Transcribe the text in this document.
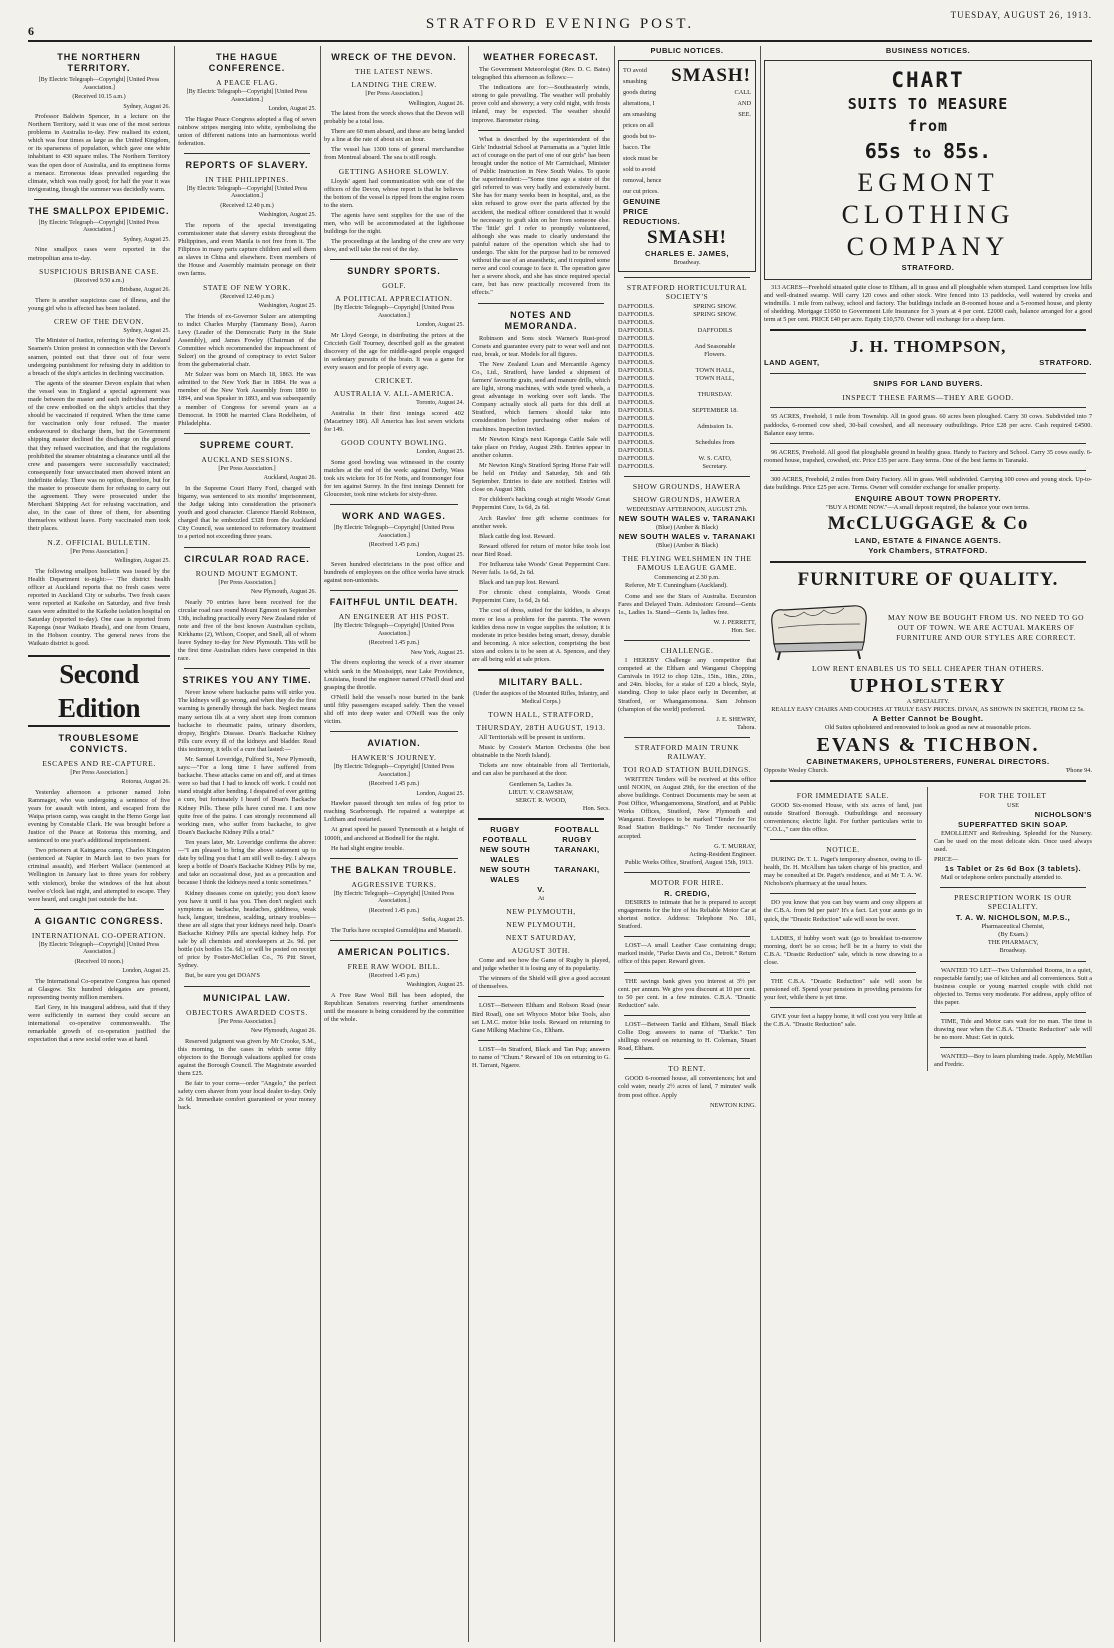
6	STRATFORD EVENING POST.
TUESDAY, AUGUST 26, 1913.
THE NORTHERN TERRITORY.
[By Electric Telegraph—Copyright] [United Press Association.]
(Received 10.15 a.m.)
Sydney, August 26.

Professor Baldwin Spencer, in a lecture on the Northern Territory, said it was one of the most serious problems in Australia to-day. Few realised its extent, which was four times as large as the United Kingdom, or its sparseness of population, which gave one white inhabitant to 430 square miles. The Northern Territory was the open door of Australia, and its emptiness forms a menace. Erroneous ideas prevailed regarding the climate, which was really good; for half the year it was invigorating, though the summer was decidedly warm.

THE SMALLPOX EPIDEMIC.
[By Electric Telegraph—Copyright] [United Press Association.]
Sydney, August 25.

Nine smallpox cases were reported in the metropolitan area to-day.

SUSPICIOUS BRISBANE CASE.
(Received 9.50 a.m.)
Brisbane, August 26.

There is another suspicious case of illness, and the young girl who is affected has been isolated.

CREW OF THE DEVON.
Sydney, August 25.

The Minister of Justice, referring to the New Zealand Seamen's Union protest in connection with the Devon's seamen, pointed out that three out of four were undergoing punishment for refusing duty in addition to a breach of the ship's articles in declining vaccination.

The agents of the steamer Devon explain that when the vessel was in England a special agreement was made between the master and each individual member of the crew embodied on the ship's articles that they should be vaccinated if required. When the time came for vaccination only four refused. The master endeavoured to discharge them, but the Government shipping master declined the discharge on the ground that they refused vaccination, and that the regulations prohibited the steamer obtaining a clearance until all the crew and passengers were successfully vaccinated; consequently four unvaccinated men showed intent an indefinite delay. There was no option, therefore, but for the master to prosecute them for refusing to carry out the agreement. They were prosecuted under the Merchant Shipping Act for refusing vaccination, and also, in the case of three of them, for absenting themselves without leave. Forty vaccinated men took their places.

N.Z. OFFICIAL BULLETIN.
[Per Press Association.]
Wellington, August 25.

The following smallpox bulletin was issued by the Health Department to-night:— The district health officer at Auckland reports that no fresh cases were reported in Auckland City or suburbs. Two fresh cases were reported at Kaikohe on Saturday, and five fresh cases were admitted to the Kaikohe isolation hospital on Saturday (reported to-day). One case is reported from Kaponga (near Waikato Heads), and one from Oruaru, in the Hobson country. The general news from the Waikato district is good.

Second Edition
TROUBLESOME CONVICTS.
ESCAPES AND RE-CAPTURE.
[Per Press Association.]
Rotorua, August 26.

Yesterday afternoon a prisoner named John Rammager, who was undergoing a sentence of five years for assault with intent, and escaped from the Waipa prison camp, was caught in the Hemo Gorge last evening by Constable Clark. He was brought before a Justice of the Peace at Rotorua this morning, and sentenced to one year's additional imprisonment.

Two prisoners at Kaingaroa camp, Charles Kingston (sentenced at Napier in March last to two years for criminal assault), and Herbert Wallace (sentenced at Wellington in January last to three years for robbery with violence), broke the windows of the hut about twelve o'clock last night, and attempted to escape. They were heard, and caught just outside the hut.

A GIGANTIC CONGRESS.
INTERNATIONAL CO-OPERATION.
[By Electric Telegraph—Copyright] [United Press Association.]
(Received 10 noon.)
London, August 25.

The International Co-operative Congress has opened at Glasgow. Six hundred delegates are present, representing twenty million members.

Earl Grey, in his inaugural address, said that if they were sufficiently in earnest they could secure an international co-operative commonwealth. The remarkable growth of co-operation justified the expectation that a new social order was at hand.

THE HAGUE CONFERENCE.
A PEACE FLAG.
[By Electric Telegraph—Copyright] [United Press Association.]
London, August 25.

The Hague Peace Congress adopted a flag of seven rainbow stripes merging into white, symbolising the union of different nations into an harmonious world federation.

REPORTS OF SLAVERY.
IN THE PHILIPPINES.
[By Electric Telegraph—Copyright] [United Press Association.]
(Received 12.40 p.m.)
Washington, August 25.

The reports of the special investigating commissioner state that slavery exists throughout the Philippines, and even Manila is not free from it. The Filipinos in many parts capture children and sell them as slaves in China and elsewhere. Even members of the House and Assembly maintain peonage on their own farms.

STATE OF NEW YORK.
(Received 12.40 p.m.)
Washington, August 25.

The friends of ex-Governor Sulzer are attempting to indict Charles Murphy (Tammany Boss), Aaron Levy (Leader of the Democratic Party in the State Assembly), and James Fowley (Chairman of the Committee which recommended the impeachment of Sulzer) on the ground of conspiracy to evict Sulzer from the gubernatorial chair.

Mr Sulzer was born on March 18, 1863. He was admitted to the New York Bar in 1884. He was a member of the New York Assembly from 1890 to 1894, and was Speaker in 1893, and was subsequently a member of Congress for several years as a Democrat. In 1908 he married Clara Rodelheim, of Philadelphia.

SUPREME COURT.
AUCKLAND SESSIONS.
[Per Press Association.]
Auckland, August 26.

In the Supreme Court Harry Ford, charged with bigamy, was sentenced to six months' imprisonment, the Judge taking into consideration the prisoner's youth and good character. Clarence Harold Robinson, charged that he embezzled £328 from the Auckland City Council, was sentenced to reformatory treatment to a period not exceeding three years.

CIRCULAR ROAD RACE.
ROUND MOUNT EGMONT.
[Per Press Association.]
New Plymouth, August 26.

Nearly 70 entries have been received for the circular road race round Mount Egmont on September 13th, including practically every New Zealand rider of note and five of the best known Australian cyclists, Kirkhams (2), Wilson, Cooper, and Snell, all of whom leave Sydney to-day for New Plymouth. This will be the first time Australian riders have competed in this race.

STRIKES YOU ANY TIME.

Never know where backache pains will strike you. The kidneys will go wrong, and when they do the first warning is generally through the back. Neglect means many serious ills at a very short step from common backache to rheumatic pains, urinary disorders, dropsy, Bright's Disease. Doan's Backache Kidney Pills cure every ill of the kidneys and bladder. Read this testimony, it tells of a cure that lasted:—

Mr. Samuel Loveridge, Fulford St., New Plymouth, says:—"For a long time I have suffered from backache. These attacks came on and off, and at times were so bad that I had to knock off work. I could not stand straight after bending. I despaired of ever getting a cure, but fortunately I heard of Doan's Backache Kidney Pills. These pills have cured me. I am now quite free of the pains. I can strongly recommend all working men, who suffer from backache, to give Doan's Backache Kidney Pills a trial."

Ten years later, Mr. Loveridge confirms the above:—"I am pleased to bring the above statement up to date by telling you that I am still well to-day. I always keep a bottle of Doan's Backache Kidney Pills by me, and take an occasional dose, just as a precaution and because I think the kidneys need a tonic sometimes."

Kidney diseases come on quietly; you don't know you have it until it has you. Then don't neglect such symptoms as backache, headaches, giddiness, weak back, languor, tiredness, scalding, urinary troubles—these are all signs that your kidneys need help. Doan's Backache Kidney Pills are special kidney help. For sale by all chemists and storekeepers at 2s. 9d. per bottle (six bottles 15s. 6d.) or will be posted on receipt of price by Foster-McClellan Co., 76 Pitt Street, Sydney.

But, be sure you get DOAN'S

MUNICIPAL LAW.
OBJECTORS AWARDED COSTS.
[Per Press Association.]
New Plymouth, August 26.

Reserved judgment was given by Mr Crooke, S.M., this morning, in the cases in which some fifty objectors to the Borough valuations applied for costs against the Borough Council. The Magistrate awarded them £25.

Be fair to your corns—order "Angelo," the perfect safety corn shaver from your local dealer to-day. Only 2s 6d. Immediate comfort guaranteed or your money back.

WRECK OF THE DEVON.
THE LATEST NEWS.
LANDING THE CREW.
[Per Press Association.]
Wellington, August 26.

The latest from the wreck shows that the Devon will probably be a total loss.

There are 60 men aboard, and these are being landed by a line at the rate of about six an hour.

The vessel has 1300 tons of general merchandise from Montreal aboard. The sea is still rough.

GETTING ASHORE SLOWLY.

Lloyds' agent had communication with one of the officers of the Devon, whose report is that he believes the bottom of the vessel is ripped from the engine room to the stern.

The agents have sent supplies for the use of the men, who will be accommodated at the lighthouse buildings for the night.

The proceedings at the landing of the crew are very slow, and will take the rest of the day.

SUNDRY SPORTS.
GOLF.
A POLITICAL APPRECIATION.
[By Electric Telegraph—Copyright] [United Press Association.]
London, August 25.

Mr Lloyd George, in distributing the prizes at the Criccieth Golf Tourney, described golf as the greatest discovery of the age for middle-aged people engaged in sedentary pursuits of the brain. It was a game for every season and for people of every age.

CRICKET.
AUSTRALIA V. ALL-AMERICA.
Toronto, August 24.

Australia in their first innings scored 402 (Macartney 186). All America has lost seven wickets for 149.

GOOD COUNTY BOWLING.
London, August 25.

Some good bowling was witnessed in the county matches at the end of the week: against Derby, Wass took six wickets for 16 for Notts, and Ironmonger four for ten against Surrey. In the first innings Dennett for Gloucester, took nine wickets for sixty-three.

WORK AND WAGES.
[By Electric Telegraph—Copyright] [United Press Association.]
(Received 1.45 p.m.)
London, August 25.

Seven hundred electricians in the post office and hundreds of employees on the office works have struck against non-unionists.

FAITHFUL UNTIL DEATH.
AN ENGINEER AT HIS POST.
[By Electric Telegraph—Copyright] [United Press Association.]
(Received 1.45 p.m.)
New York, August 25.

The divers exploring the wreck of a river steamer which sank in the Mississippi, near Lake Providence, Louisiana, found the engineer named O'Neill dead and grasping the throttle.

O'Neill held the vessel's nose buried in the bank until fifty passengers escaped safely. Then the vessel slid off into deep water and O'Neill was the only victim.

AVIATION.
HAWKER'S JOURNEY.
[By Electric Telegraph—Copyright] [United Press Association.]
(Received 1.45 p.m.)
London, August 25.

Hawker passed through ten miles of fog prior to reaching Scarborough. He repaired a waterpipe at Loftham and restarted.

At great speed he passed Tynemouth at a height of 1000ft, and anchored at Bodnell for the night.

He had slight engine trouble.

THE BALKAN TROUBLE.
AGGRESSIVE TURKS.
[By Electric Telegraph—Copyright] [United Press Association.]
(Received 1.45 p.m.)
Sofia, August 25.

The Turks have occupied Gumuldjina and Mastanli.

AMERICAN POLITICS.
FREE RAW WOOL BILL.
(Received 1.45 p.m.)
Washington, August 25.

A Free Raw Wool Bill has been adopted, the Republican Senators reserving further amendments until the measure is being considered by the committee of the whole.

WEATHER FORECAST.

The Government Meteorologist (Rev. D. C. Bates) telegraphed this afternoon as follows:—

The indications are for:—Southeasterly winds, strong to gale prevailing. The weather will probably prove cold and showery; a very cold night, with frosts inland, may be expected. The weather should improve. Barometer rising.

What is described by the superintendent of the Girls' Industrial School at Parramatta as a "quiet little act of courage on the part of one of our girls" has been brought under the notice of Mr Carmichael, Minister of Public Instruction in New South Wales. To quote the superintendent:—"Some time ago a sister of the girl referred to was very badly and extensively burnt. She has for many weeks been in hospital, and, as the skin refused to grow over the parts affected by the accident, the medical officer considered that it would be necessary to graft skin on her from someone else. The 'little' girl I refer to promptly volunteered, although she was made to clearly understand the painful nature of the operation which she had to undergo. The skin for the purpose had to be removed without the use of an anaesthetic, and it required some nerve and cool courage to face it. The operation gave her a severe shock, and she has since required special care, but has now practically recovered from its effects."

NOTES AND MEMORANDA.

Robinson and Sons stock Warner's Rust-proof Corsets and guarantee every pair to wear well and not rust, break, or tear. Models for all figures.

The New Zealand Loan and Mercantile Agency Co., Ltd., Stratford, have landed a shipment of farmers' favourite grain, seed and manure drills, which are light, strong machines, with wide tyred wheels, a great advantage in working over soft lands. The Company actually stock all parts for this drill at Stratford, which farmers should take into consideration before purchasing other makes of machines. Inspection invited.

Mr Newton King's next Kaponga Cattle Sale will take place on Friday, August 29th. Entries appear in another column.

Mr Newton King's Stratford Spring Horse Fair will be held on Friday and Saturday, 5th and 6th September. Entries to date are notified. Entries will close on August 30th.

For children's hacking cough at night Woods' Great Peppermint Cure, 1s 6d, 2s 6d.

Arch Rawles' free gift scheme continues for another week.

Black cattle dog lost. Reward.

Reward offered for return of motor bike tools lost near Bird Road.

For Influenza take Woods' Great Peppermint Cure. Never fails. 1s 6d, 2s 6d.

Black and tan pup lost. Reward.

For chronic chest complaints, Woods Great Peppermint Cure, 1s 6d, 2s 6d.

The cost of dress, suited for the kiddies, is always more or less a problem for the parents. The woven kiddies dress now in vogue supplies the solution; it is moderate in price besides being smart, dressy, durable and becoming. A nice selection, comprising the best sizes and colors is to be seen at A. Spences, and they are all being sold at sale prices.

MILITARY BALL.
(Under the auspices of the Mounted Rifles, Infantry, and Medical Corps.)
TOWN HALL, STRATFORD,
THURSDAY, 28TH AUGUST, 1913.

All Territorials will be present in uniform.

Music by Crosier's Marton Orchestra (the best obtainable in the North Island).

Tickets are now obtainable from all Territorials, and can also be purchased at the door.

Gentlemen 5s, Ladies 3s.
LIEUT. V. CRAWSHAW,
SERGT. R. WOOD,
Hon. Secs.
RUGBY FOOTBALL
FOOTBALL RUGBY
NEW SOUTH WALES
TARANAKI,
NEW SOUTH WALES
TARANAKI,
V.
At
NEW PLYMOUTH,
NEW PLYMOUTH,
NEXT SATURDAY,
AUGUST 30TH.

Come and see how the Game of Rugby is played, and judge whether it is losing any of its popularity.

The winners of the Shield will give a good account of themselves.

LOST—Between Eltham and Robson Road (near Bird Road), one set Whyoco Motor bike Tools, also set L.M.C. motor bike tools. Reward on returning to Gane Milking Machine Co., Eltham.

LOST—In Stratford, Black and Tan Pup; answers to name of "Chum." Reward of 10s on returning to G. H. Tarrant, Ngaere.

PUBLIC NOTICES.
TO avoid
smashing
goods during
alterations, I
am smashing
prices on all
goods but to-
bacco. The
stock must be
sold to avoid
removal, hence
our cut prices.
SMASH!
CALL
AND
SEE.
GENUINE
PRICE
REDUCTIONS.
SMASH!
CHARLES E. JAMES,
Broadway.
STRATFORD HORTICULTURAL SOCIETY'S
DAFFODILS.	SPRING SHOW.
DAFFODILS.	SPRING SHOW.
DAFFODILS.
DAFFODILS.	DAFFODILS
DAFFODILS.
DAFFODILS.	And Seasonable
DAFFODILS.	Flowers.
DAFFODILS.
DAFFODILS.	TOWN HALL,
DAFFODILS.	TOWN HALL,
DAFFODILS.
DAFFODILS.	THURSDAY.
DAFFODILS.
DAFFODILS.	SEPTEMBER 18.
DAFFODILS.
DAFFODILS.	Admission 1s.
DAFFODILS.
DAFFODILS.	Schedules from
DAFFODILS.
DAFFODILS.	W. S. CATO,
DAFFODILS.	Secretary.
SHOW GROUNDS, HAWERA
SHOW GROUNDS, HAWERA
WEDNESDAY AFTERNOON, AUGUST 27th.
NEW SOUTH WALES v. TARANAKI
(Blue) (Amber & Black)
NEW SOUTH WALES v. TARANAKI
(Blue) (Amber & Black)
THE FLYING WELSHMEN IN THE FAMOUS LEAGUE GAME.
Commencing at 2.30 p.m.

Referee, Mr T. Cunningham (Auckland).

Come and see the Stars of Australia. Excursion Fares and Delayed Train. Admission: Ground—Gents 1s., Ladies 1s. Stand—Gents 1s, ladies free.

W. J. PERRETT,
Hon. Sec.
CHALLENGE.

I HEREBY Challenge any competitor that competed at the Eltham and Wanganui Chopping Carnivals in 1912 to chop 12in., 15in., 18in., 20in., and 24in. blocks, for a stake of £20 a block, Style, standing. Chop to take place early in December, at Stratford, or Whangamomona. Sam Johnson (champion of the world) preferred.

J. E. SHEWRY,
Tahora.
STRATFORD MAIN TRUNK RAILWAY.
TOI ROAD STATION BUILDINGS.

WRITTEN Tenders will be received at this office until NOON, on August 29th, for the erection of the above buildings. Contract Documents may be seen at Post Office, Whangamomona, Stratford, and at Public Works Offices, Stratford, New Plymouth and Wanganui. Envelopes to be marked "Tender for Toi Road Station Buildings." No Tender necessarily accepted.

G. T. MURRAY,
Acting-Resident Engineer.

Public Works Office, Stratford, August 15th, 1913.

MOTOR FOR HIRE.
R. CREDIG,

DESIRES to intimate that he is prepared to accept engagements for the hire of his Reliable Motor Car at shortest notice. Address: Telephone No. 181, Stratford.

LOST—A small Leather Case containing drugs; marked inside, "Parke Davis and Co., Detroit." Return office of this paper. Reward given.

THE savings bank gives you interest at 3½ per cent. per annum. We give you discount at 10 per cent. to 50 per cent. in a few minutes. C.B.A. "Drastic Reduction" sale.

LOST—Between Tariki and Eltham, Small Black Collie Dog; answers to name of "Darkie." Ten shillings reward on returning to H. Coleman, Stuart Road, Eltham.

TO RENT.

GOOD 6-roomed house, all conveniences; hot and cold water, nearly 2½ acres of land, 7 minutes' walk from post office. Apply

NEWTON KING.
BUSINESS NOTICES.
CHART
SUITS TO MEASURE
from
65s to 85s.
EGMONT CLOTHING
COMPANY
STRATFORD.

313 ACRES—Freehold situated quite close to Eltham, all in grass and all ploughable when stumped. Land comprises low hills and well-drained swamp. Will carry 120 cows and other stock. Wire fenced into 13 paddocks, well watered by creeks and windmills. 1 mile from railway, school and factory. The buildings include an 8-roomed house and a 5-roomed house, and plenty of shedding. Mortgage £1050 to Government Life Insurance for 3 years at 4 per cent. £2000 cash, balance arranged for a good term at 5 per cent. PRICE £40 per acre. Equity £10,570. Owner will exchange for a sheep farm.

J. H. THOMPSON,
LAND AGENT,	STRATFORD.
SNIPS FOR LAND BUYERS.
INSPECT THESE FARMS—THEY ARE GOOD.

95 ACRES, Freehold, 1 mile from Township. All in good grass. 60 acres been ploughed. Carry 30 cows. Subdivided into 7 paddocks, 6-roomed cow shed, 30-bail cowshed, and all necessary outbuildings. Price £28 per acre. Cash required £4500. Balance easy terms.

96 ACRES, Freehold. All good flat ploughable ground in healthy grass. Handy to Factory and School. Carry 35 cows easily. 6-roomed house, trapshed, cowshed, etc. Price £35 per acre. Easy terms. One of the best farms in Taranaki.

300 ACRES, Freehold, 2 miles from Dairy Factory. All in grass. Well subdivided. Carrying 100 cows and young stock. Up-to-date buildings. Price £25 per acre. Terms. Owner will consider exchange for smaller property.

ENQUIRE ABOUT TOWN PROPERTY.
"BUY A HOME NOW."—A small deposit required, the balance your own terms.
McCLUGGAGE & Co
LAND, ESTATE & FINANCE AGENTS.
York Chambers, STRATFORD.
FURNITURE OF QUALITY.
MAY NOW BE BOUGHT FROM US. NO NEED TO GO OUT OF TOWN. WE ARE ACTUAL MAKERS OF FURNITURE AND OUR STYLES ARE CORRECT.
LOW RENT ENABLES US TO SELL CHEAPER THAN OTHERS.
UPHOLSTERY
A SPECIALITY.
REALLY EASY CHAIRS AND COUCHES AT TRULY EASY PRICES. DIVAN, AS SHOWN IN SKETCH, FROM £2 5s.
A Better Cannot be Bought.
Old Suites upholstered and renovated to look as good as new at reasonable prices.
EVANS & TICHBON.
CABINETMAKERS, UPHOLSTERERS, FUNERAL DIRECTORS.
Opposite Wesley Church.	'Phone 94.
FOR IMMEDIATE SALE.

GOOD Six-roomed House, with six acres of land, just outside Stratford Borough. Outbuildings and necessary conveniences; electric light. For further particulars write to "C.O.L.," care this office.

NOTICE.

DURING Dr. T. L. Paget's temporary absence, owing to ill-health, Dr. H. McAllum has taken charge of his practice, and may be consulted at Dr. Paget's residence, and at Mr T. A. W. Nicholson's pharmacy at the usual hours.

DO you know that you can buy warm and cosy slippers at the C.B.A. from 9d per pair? It's a fact. Let your aunts go in quick, the "Drastic Reduction" sale will soon be over.

LADIES, if hubby won't wait (go to breakfast to-morrow morning, don't be so cross; he'll be in a hurry to visit the C.B.A. "Drastic Reduction" sale, which is now drawing to a close.

THE C.B.A. "Drastic Reduction" sale will soon be pensioned off. Spend your pensions in providing pensions for your feet, while there is yet time.

GIVE your feet a happy home, it will cost you very little at the C.B.A. "Drastic Reduction" sale.

FOR THE TOILET
USE
NICHOLSON'S
SUPERFATTED SKIN SOAP.

EMOLLIENT and Refreshing. Splendid for the Nursery. Can be used on the most delicate skin. Once used always used.

PRICE—
1s Tablet or 2s 6d Box (3 tablets).

Mail or telephone orders punctually attended to.

PRESCRIPTION WORK IS OUR SPECIALITY.
T. A. W. NICHOLSON, M.P.S.,
Pharmaceutical Chemist,
(By Exam.)
THE PHARMACY,
Broadway.

WANTED TO LET—Two Unfurnished Rooms, in a quiet, respectable family; use of kitchen and all conveniences. Suit a business couple or young married couple with child not objected to. Terms very moderate. For address, apply office of this paper.

TIME, Tide and Motor cars wait for no man. The time is drawing near when the C.B.A. "Drastic Reduction" sale will be no more. Must: Get in quick.

WANTED—Boy to learn plumbing trade. Apply, McMillan and Fredric.
